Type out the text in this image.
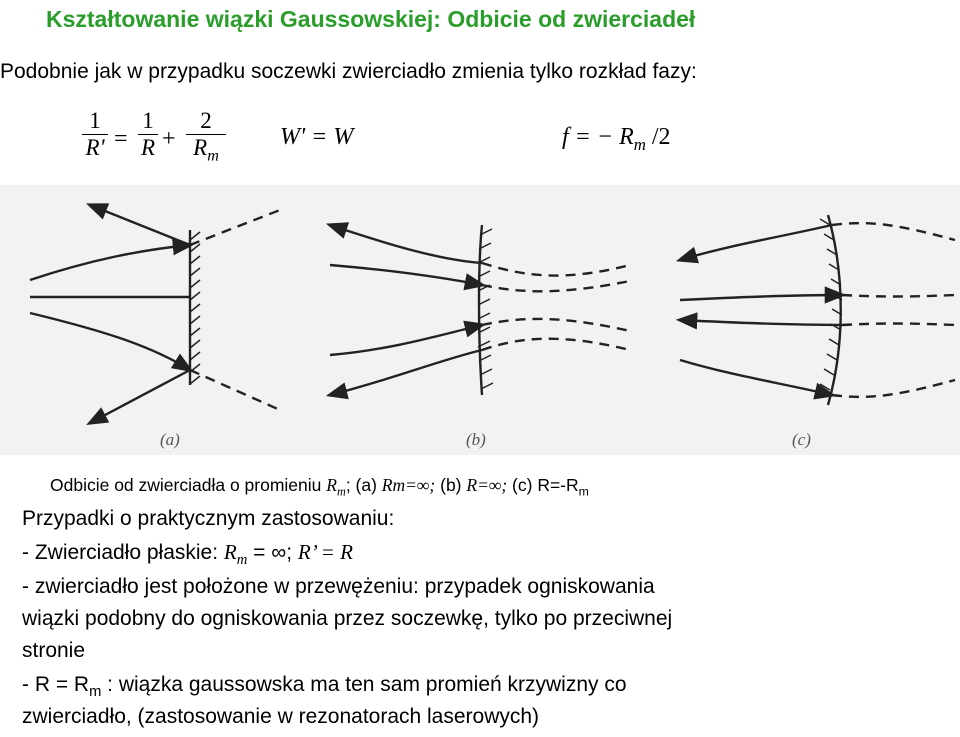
Kształtowanie wiązki Gaussowskiej: Odbicie od zwierciadeł
Podobnie jak w przypadku soczewki zwierciadło zmienia tylko rozkład fazy:
$\frac{1}{R'} = \frac{1}{R} + \frac{2}{R_m} W' = W$	f = − $R_m$ /2
(a)	(b)	(c)
Odbicie od zwierciadła o promieniu $R_m$; (a) Rm=∞; (b) R=∞; (c) $R=-R_m$
Przypadki o praktycznym zastosowaniu:
- Zwierciadło płaskie: $R_m$ = ∞; R’ = R
- zwierciadło jest położone w przewężeniu: przypadek ogniskowania
wiązki podobny do ogniskowania przez soczewkę, tylko po przeciwnej
stronie
- $R = R_m$ : wiązka gaussowska ma ten sam promień krzywizny co
zwierciadło, (zastosowanie w rezonatorach laserowych)
